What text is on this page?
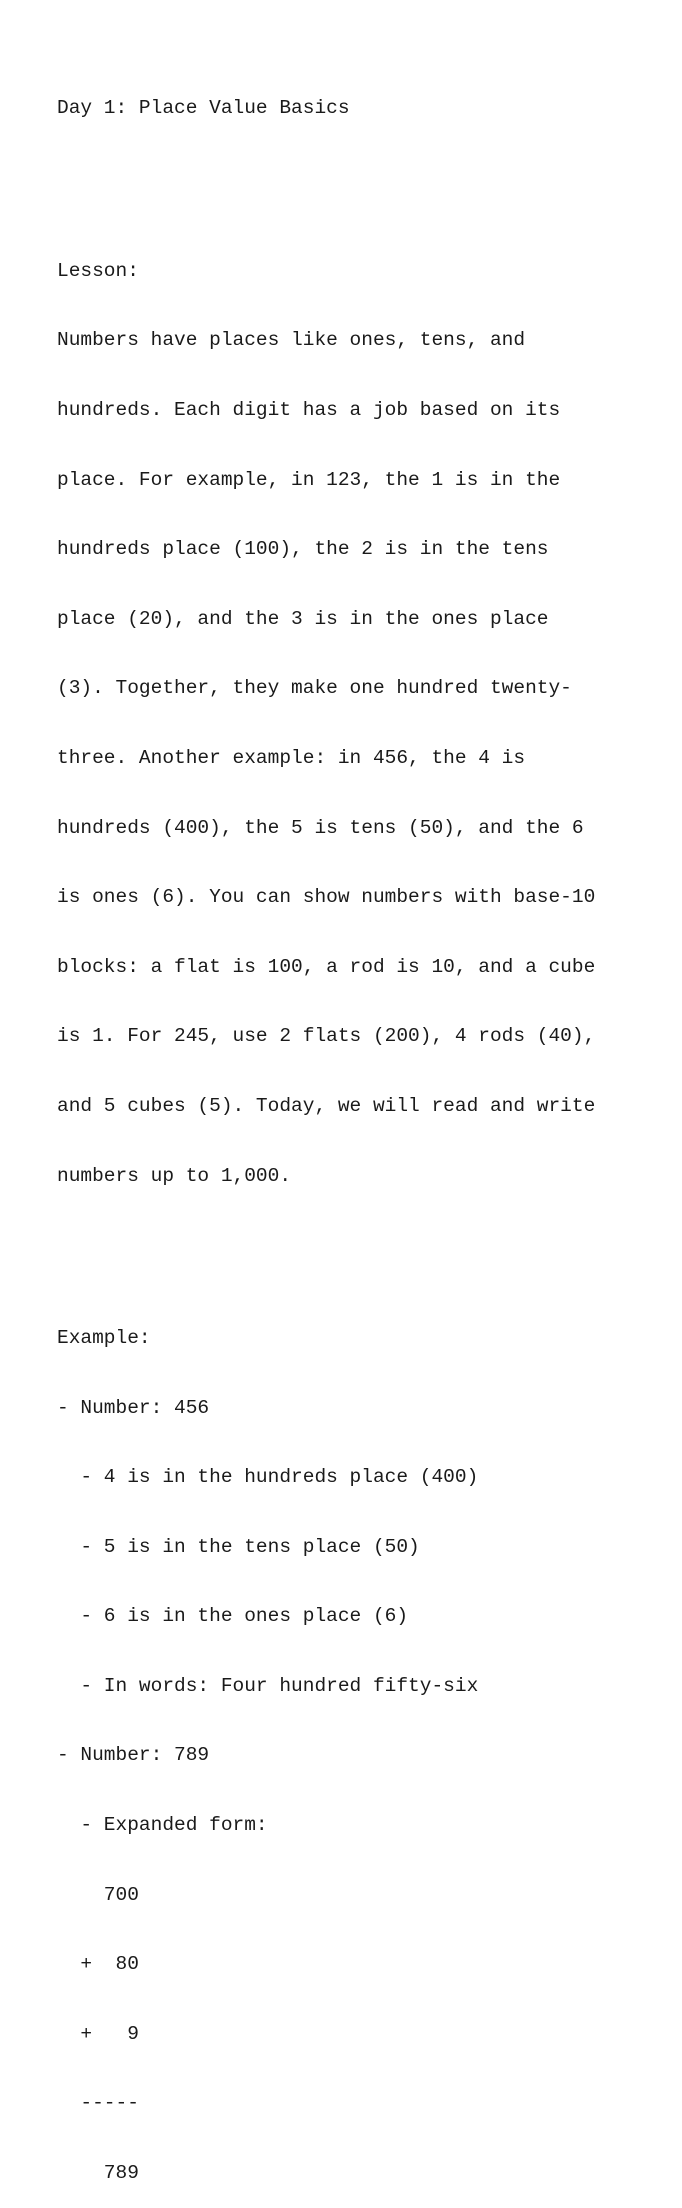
Day 1: Place Value Basics

Lesson:

Numbers have places like ones, tens, and

hundreds. Each digit has a job based on its

place. For example, in 123, the 1 is in the

hundreds place (100), the 2 is in the tens

place (20), and the 3 is in the ones place

(3). Together, they make one hundred twenty-

three. Another example: in 456, the 4 is

hundreds (400), the 5 is tens (50), and the 6

is ones (6). You can show numbers with base-10

blocks: a flat is 100, a rod is 10, and a cube

is 1. For 245, use 2 flats (200), 4 rods (40),

and 5 cubes (5). Today, we will read and write

numbers up to 1,000.

Example:

- Number: 456

- 4 is in the hundreds place (400)

- 5 is in the tens place (50)

- 6 is in the ones place (6)

- In words: Four hundred fifty-six

- Number: 789

- Expanded form:

700

+  80

+   9

-----

789
